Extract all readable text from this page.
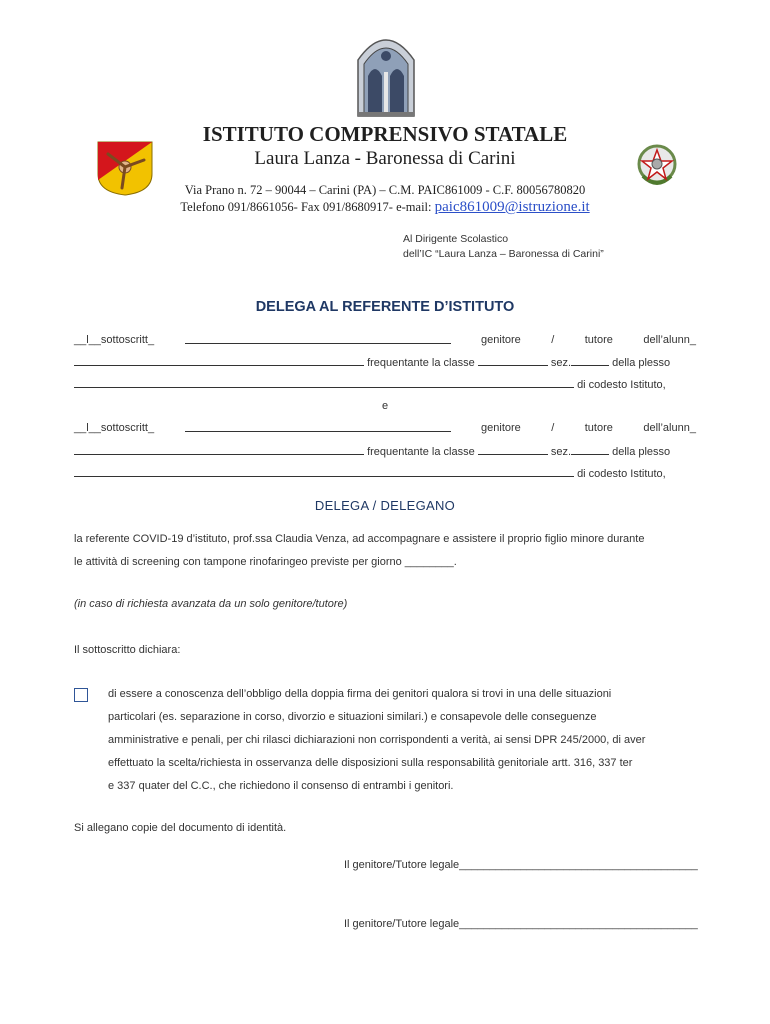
ISTITUTO COMPRENSIVO STATALE
Laura Lanza - Baronessa di Carini
Via Prano n. 72 – 90044 – Carini (PA) – C.M. PAIC861009 - C.F. 80056780820
Telefono 091/8661056- Fax 091/8680917- e-mail: paic861009@istruzione.it
Al Dirigente Scolastico
dell’IC “Laura Lanza – Baronessa di Carini”
DELEGA AL REFERENTE D’ISTITUTO
__l__sottoscritt_	genitore	/	tutore	dell’alunn_
frequentante la classe	sez.	della plesso
di codesto Istituto,
e
__l__sottoscritt_	genitore	/	tutore	dell’alunn_
frequentante la classe	sez.	della plesso
di codesto Istituto,
DELEGA / DELEGANO
la referente COVID-19 d’istituto, prof.ssa Claudia Venza, ad accompagnare e assistere il proprio figlio minore durante
le attività di screening con tampone rinofaringeo previste per giorno ________.
(in caso di richiesta avanzata da un solo genitore/tutore)
Il sottoscritto dichiara:
di essere a conoscenza dell’obbligo della doppia firma dei genitori qualora si trovi in una delle situazioni
particolari (es. separazione in corso, divorzio e situazioni similari.) e consapevole delle conseguenze
amministrative e penali, per chi rilasci dichiarazioni non corrispondenti a verità, ai sensi DPR 245/2000, di aver
effettuato la scelta/richiesta in osservanza delle disposizioni sulla responsabilità genitoriale artt. 316, 337 ter
e 337 quater del C.C., che richiedono il consenso di entrambi i genitori.
Si allegano copie del documento di identità.
Il genitore/Tutore legale_______________________________________
Il genitore/Tutore legale_______________________________________
